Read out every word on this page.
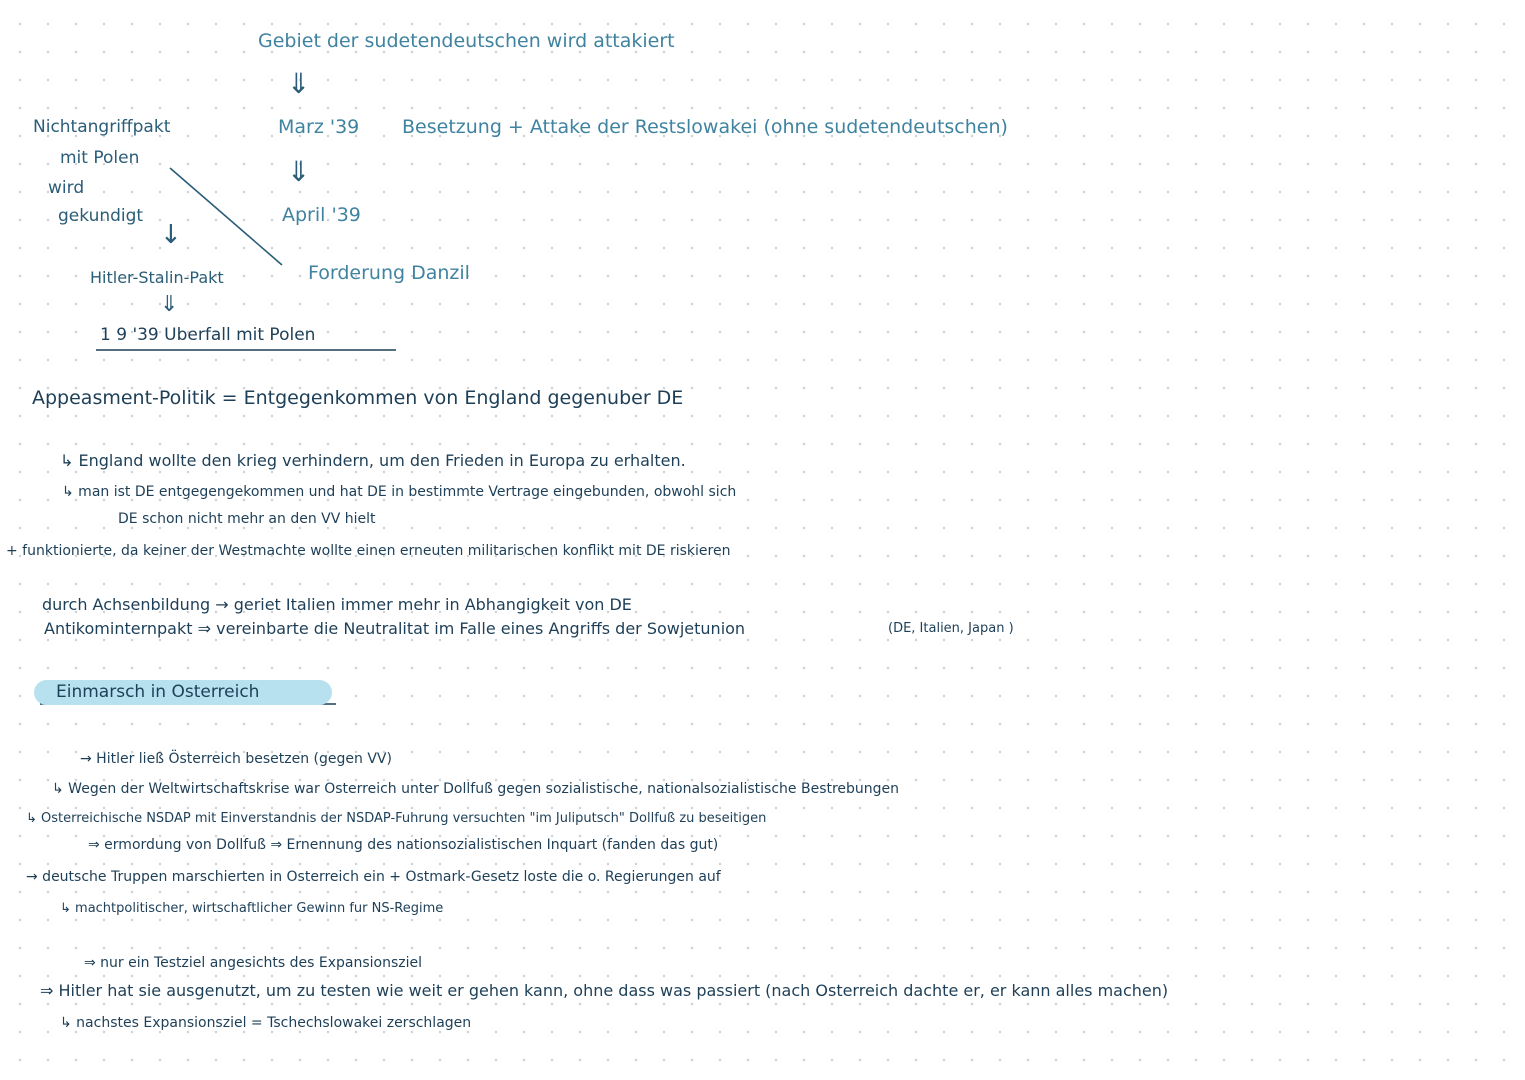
Gebiet der sudetendeutschen wird attakiert
⇓
Marz '39 Besetzung + Attake der Restslowakei (ohne sudetendeutschen)
⇓
April '39
Forderung Danzil
Nichtangriffpakt
mit Polen
wird
gekundigt
↓
Hitler-Stalin-Pakt
⇓
1 9 '39 Uberfall mit Polen
Appeasment-Politik = Entgegenkommen von England gegenuber DE
↳ England wollte den krieg verhindern, um den Frieden in Europa zu erhalten.
↳ man ist DE entgegengekommen und hat DE in bestimmte Vertrage eingebunden, obwohl sich
DE schon nicht mehr an den VV hielt
+ funktionierte, da keiner der Westmachte wollte einen erneuten militarischen konflikt mit DE riskieren
durch Achsenbildung → geriet Italien immer mehr in Abhangigkeit von DE
Antikominternpakt ⇒ vereinbarte die Neutralitat im Falle eines Angriffs der Sowjetunion	(DE, Italien, Japan )
Einmarsch in Osterreich
→ Hitler ließ Österreich besetzen (gegen VV)
↳ Wegen der Weltwirtschaftskrise war Osterreich unter Dollfuß gegen sozialistische, nationalsozialistische Bestrebungen
↳ Osterreichische NSDAP mit Einverstandnis der NSDAP-Fuhrung versuchten "im Juliputsch" Dollfuß zu beseitigen
⇒ ermordung von Dollfuß ⇒ Ernennung des nationsozialistischen Inquart (fanden das gut)
→ deutsche Truppen marschierten in Osterreich ein + Ostmark-Gesetz loste die o. Regierungen auf
↳ machtpolitischer, wirtschaftlicher Gewinn fur NS-Regime
⇒ nur ein Testziel angesichts des Expansionsziel
⇒ Hitler hat sie ausgenutzt, um zu testen wie weit er gehen kann, ohne dass was passiert (nach Osterreich dachte er, er kann alles machen)
↳ nachstes Expansionsziel = Tschechslowakei zerschlagen
